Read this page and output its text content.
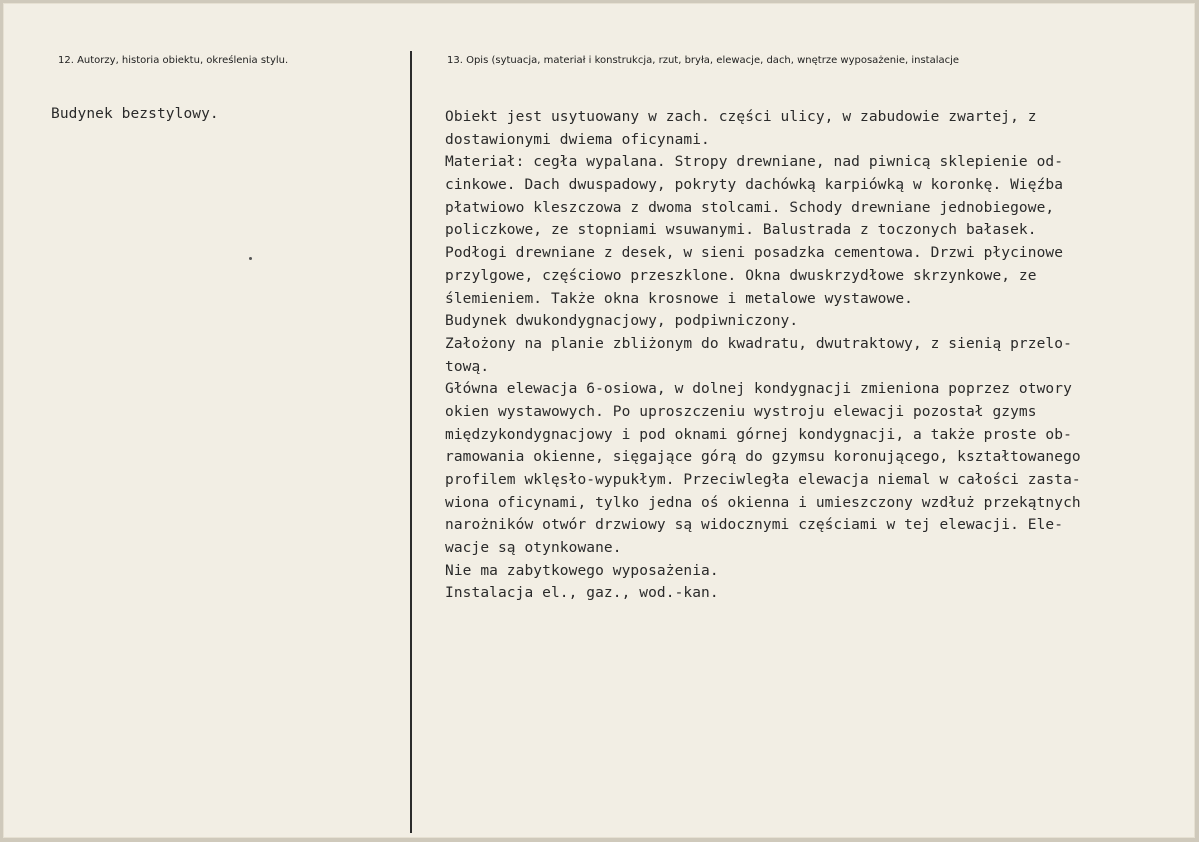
12. Autorzy, historia obiektu, określenia stylu.	13. Opis (sytuacja, materiał i konstrukcja, rzut, bryła, elewacje, dach, wnętrze wyposażenie, instalacje
Budynek bezstylowy.	Obiekt jest usytuowany w zach. części ulicy, w zabudowie zwartej, z
dostawionymi dwiema oficynami.
Materiał: cegła wypalana. Stropy drewniane, nad piwnicą sklepienie od-
cinkowe. Dach dwuspadowy, pokryty dachówką karpiówką w koronkę. Więźba
płatwiowo kleszczowa z dwoma stolcami. Schody drewniane jednobiegowe,
policzkowe, ze stopniami wsuwanymi. Balustrada z toczonych bałasek.
Podłogi drewniane z desek, w sieni posadzka cementowa. Drzwi płycinowe
przylgowe, częściowo przeszklone. Okna dwuskrzydłowe skrzynkowe, ze
ślemieniem. Także okna krosnowe i metalowe wystawowe.
Budynek dwukondygnacjowy, podpiwniczony.
Założony na planie zbliżonym do kwadratu, dwutraktowy, z sienią przelo-
tową.
Główna elewacja 6-osiowa, w dolnej kondygnacji zmieniona poprzez otwory
okien wystawowych. Po uproszczeniu wystroju elewacji pozostał gzyms
międzykondygnacjowy i pod oknami górnej kondygnacji, a także proste ob-
ramowania okienne, sięgające górą do gzymsu koronującego, kształtowanego
profilem wklęsło-wypukłym. Przeciwległa elewacja niemal w całości zasta-
wiona oficynami, tylko jedna oś okienna i umieszczony wzdłuż przekątnych
narożników otwór drzwiowy są widocznymi częściami w tej elewacji. Ele-
wacje są otynkowane.
Nie ma zabytkowego wyposażenia.
Instalacja el., gaz., wod.-kan.
